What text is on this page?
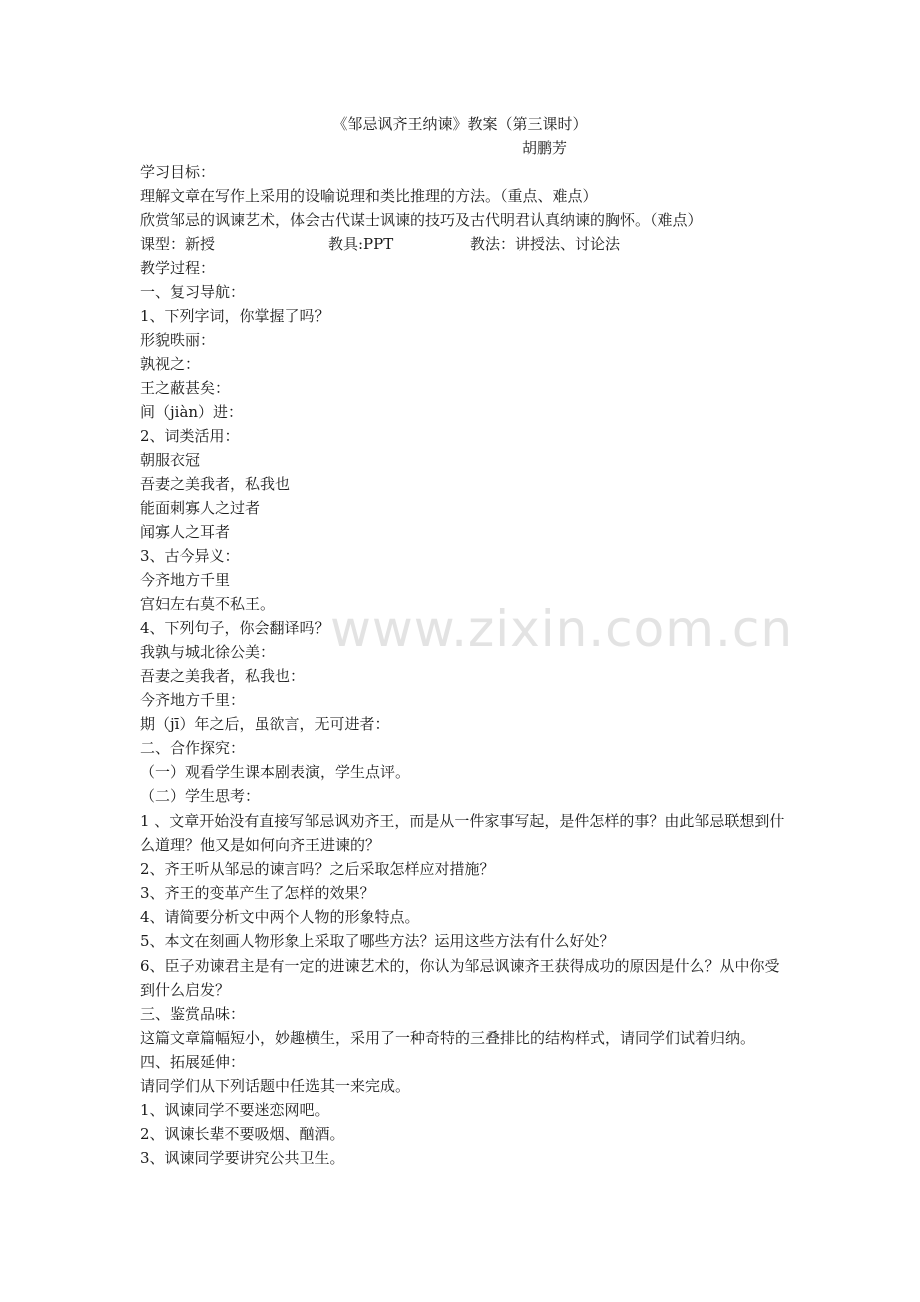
www.zixin.com.cn
《邹忌讽齐王纳谏》教案（第三课时）
胡鹏芳
学习目标：
理解文章在写作上采用的设喻说理和类比推理的方法。（重点、难点）
欣赏邹忌的讽谏艺术，体会古代谋士讽谏的技巧及古代明君认真纳谏的胸怀。（难点）
课型：新授	教具:PPT	教法：讲授法、讨论法
教学过程：
一、复习导航：
1、下列字词，你掌握了吗？
形貌昳丽：
孰视之：
王之蔽甚矣：
间（jiàn）进：
2、词类活用：
朝服衣冠
吾妻之美我者，私我也
能面刺寡人之过者
闻寡人之耳者
3、古今异义：
今齐地方千里
宫妇左右莫不私王。
4、下列句子，你会翻译吗？
我孰与城北徐公美：
吾妻之美我者，私我也：
今齐地方千里：
期（jī）年之后，虽欲言，无可进者：
二、合作探究：
（一）观看学生课本剧表演，学生点评。
（二）学生思考：
1 、文章开始没有直接写邹忌讽劝齐王，而是从一件家事写起，是件怎样的事？由此邹忌联想到什么道理？他又是如何向齐王进谏的？
2、齐王听从邹忌的谏言吗？之后采取怎样应对措施？
3、齐王的变革产生了怎样的效果？
4、请简要分析文中两个人物的形象特点。
5、本文在刻画人物形象上采取了哪些方法？运用这些方法有什么好处？
6、臣子劝谏君主是有一定的进谏艺术的，你认为邹忌讽谏齐王获得成功的原因是什么？从中你受到什么启发？
三、鉴赏品味：
这篇文章篇幅短小，妙趣横生，采用了一种奇特的三叠排比的结构样式，请同学们试着归纳。
四、拓展延伸：
请同学们从下列话题中任选其一来完成。
1、讽谏同学不要迷恋网吧。
2、讽谏长辈不要吸烟、酗酒。
3、讽谏同学要讲究公共卫生。
